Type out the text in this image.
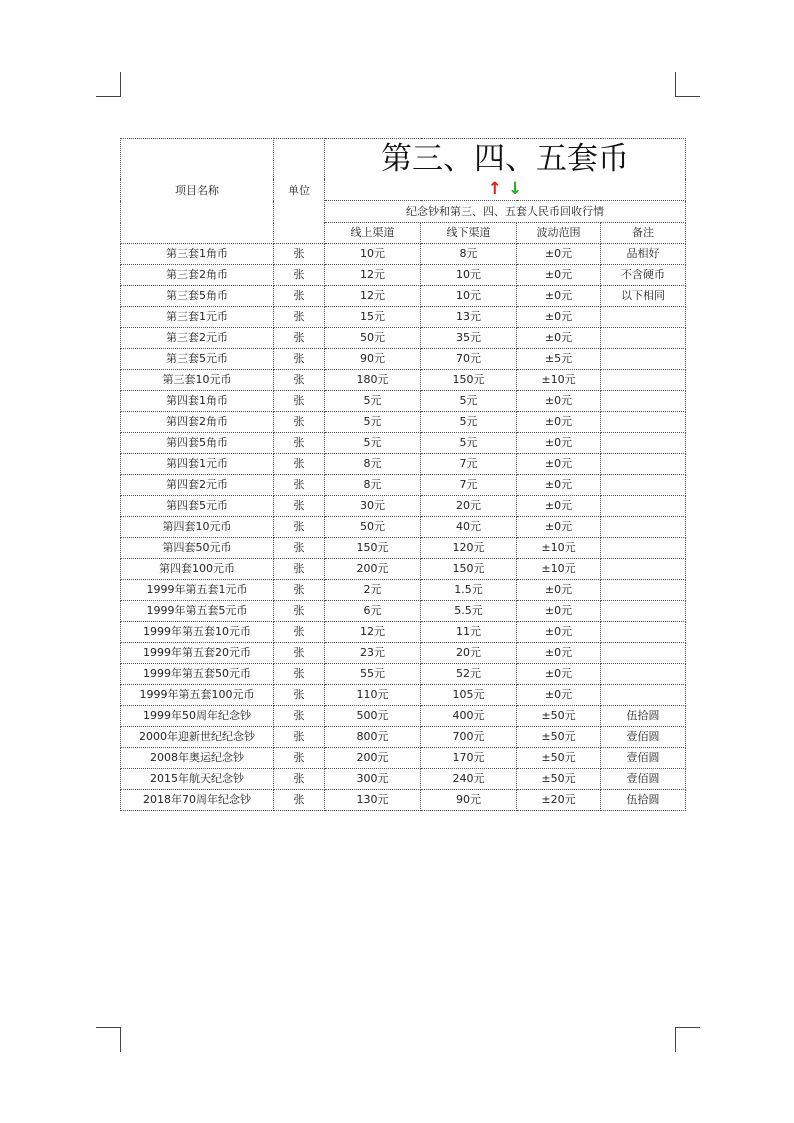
项目名称	单位	第三、四、五套币			
		↑ ↓			
		纪念钞和第三、四、五套人民币回收行情			
		线上渠道	线下渠道	波动范围	备注
第三套1角币	张	10元	8元	±0元	品相好
第三套2角币	张	12元	10元	±0元	不含硬币
第三套5角币	张	12元	10元	±0元	以下相同
第三套1元币	张	15元	13元	±0元	
第三套2元币	张	50元	35元	±0元	
第三套5元币	张	90元	70元	±5元	
第三套10元币	张	180元	150元	±10元	
第四套1角币	张	5元	5元	±0元	
第四套2角币	张	5元	5元	±0元	
第四套5角币	张	5元	5元	±0元	
第四套1元币	张	8元	7元	±0元	
第四套2元币	张	8元	7元	±0元	
第四套5元币	张	30元	20元	±0元	
第四套10元币	张	50元	40元	±0元	
第四套50元币	张	150元	120元	±10元	
第四套100元币	张	200元	150元	±10元	
1999年第五套1元币	张	2元	1.5元	±0元	
1999年第五套5元币	张	6元	5.5元	±0元	
1999年第五套10元币	张	12元	11元	±0元	
1999年第五套20元币	张	23元	20元	±0元	
1999年第五套50元币	张	55元	52元	±0元	
1999年第五套100元币	张	110元	105元	±0元	
1999年50周年纪念钞	张	500元	400元	±50元	伍拾圆
2000年迎新世纪纪念钞	张	800元	700元	±50元	壹佰圆
2008年奥运纪念钞	张	200元	170元	±50元	壹佰圆
2015年航天纪念钞	张	300元	240元	±50元	壹佰圆
2018年70周年纪念钞	张	130元	90元	±20元	伍拾圆
